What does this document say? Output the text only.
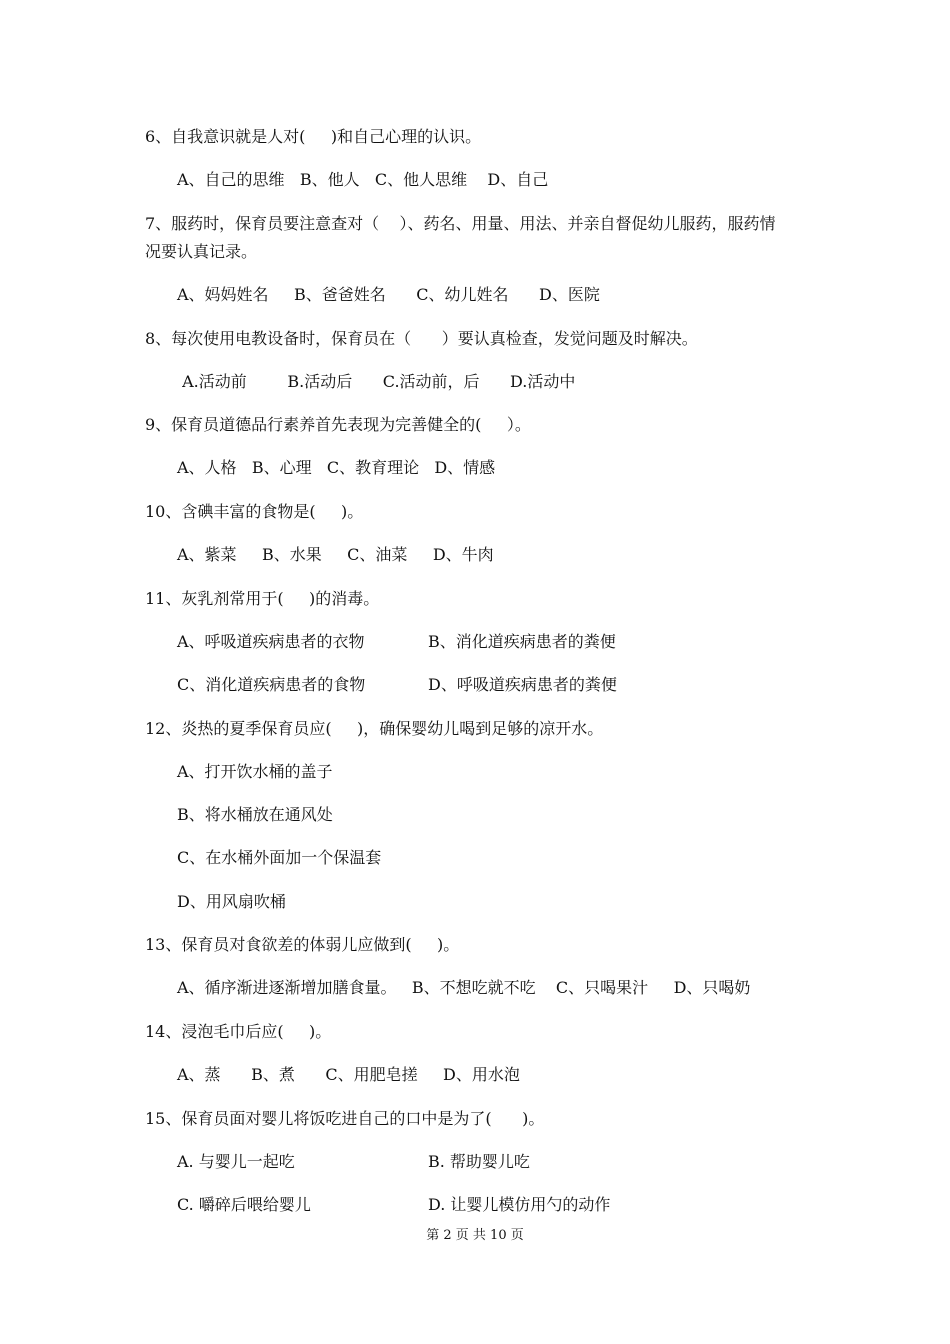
6、自我意识就是人对(     )和自己心理的认识。
A、自己的思维   B、他人   C、他人思维    D、自己
7、服药时，保育员要注意查对（    ）、药名、用量、用法、并亲自督促幼儿服药，服药情
况要认真记录。
A、妈妈姓名     B、爸爸姓名      C、幼儿姓名      D、医院
8、每次使用电教设备时，保育员在（      ）要认真检查，发觉问题及时解决。
A.活动前        B.活动后      C.活动前，后      D.活动中
9、保育员道德品行素养首先表现为完善健全的(     ）。
A、人格   B、心理   C、教育理论   D、情感
10、含碘丰富的食物是(     )。
A、紫菜     B、水果     C、油菜     D、牛肉
11、灰乳剂常用于(     )的消毒。
A、呼吸道疾病患者的衣物	B、消化道疾病患者的粪便
C、消化道疾病患者的食物	D、呼吸道疾病患者的粪便
12、炎热的夏季保育员应(     )，确保婴幼儿喝到足够的凉开水。
A、打开饮水桶的盖子
B、将水桶放在通风处
C、在水桶外面加一个保温套
D、用风扇吹桶
13、保育员对食欲差的体弱儿应做到(     )。
A、循序渐进逐渐增加膳食量。   B、不想吃就不吃    C、只喝果汁     D、只喝奶
14、浸泡毛巾后应(     )。
A、蒸      B、煮      C、用肥皂搓     D、用水泡
15、保育员面对婴儿将饭吃进自己的口中是为了(      )。
A. 与婴儿一起吃	B. 帮助婴儿吃
C. 嚼碎后喂给婴儿	D. 让婴儿模仿用勺的动作
第 2 页 共 10 页
